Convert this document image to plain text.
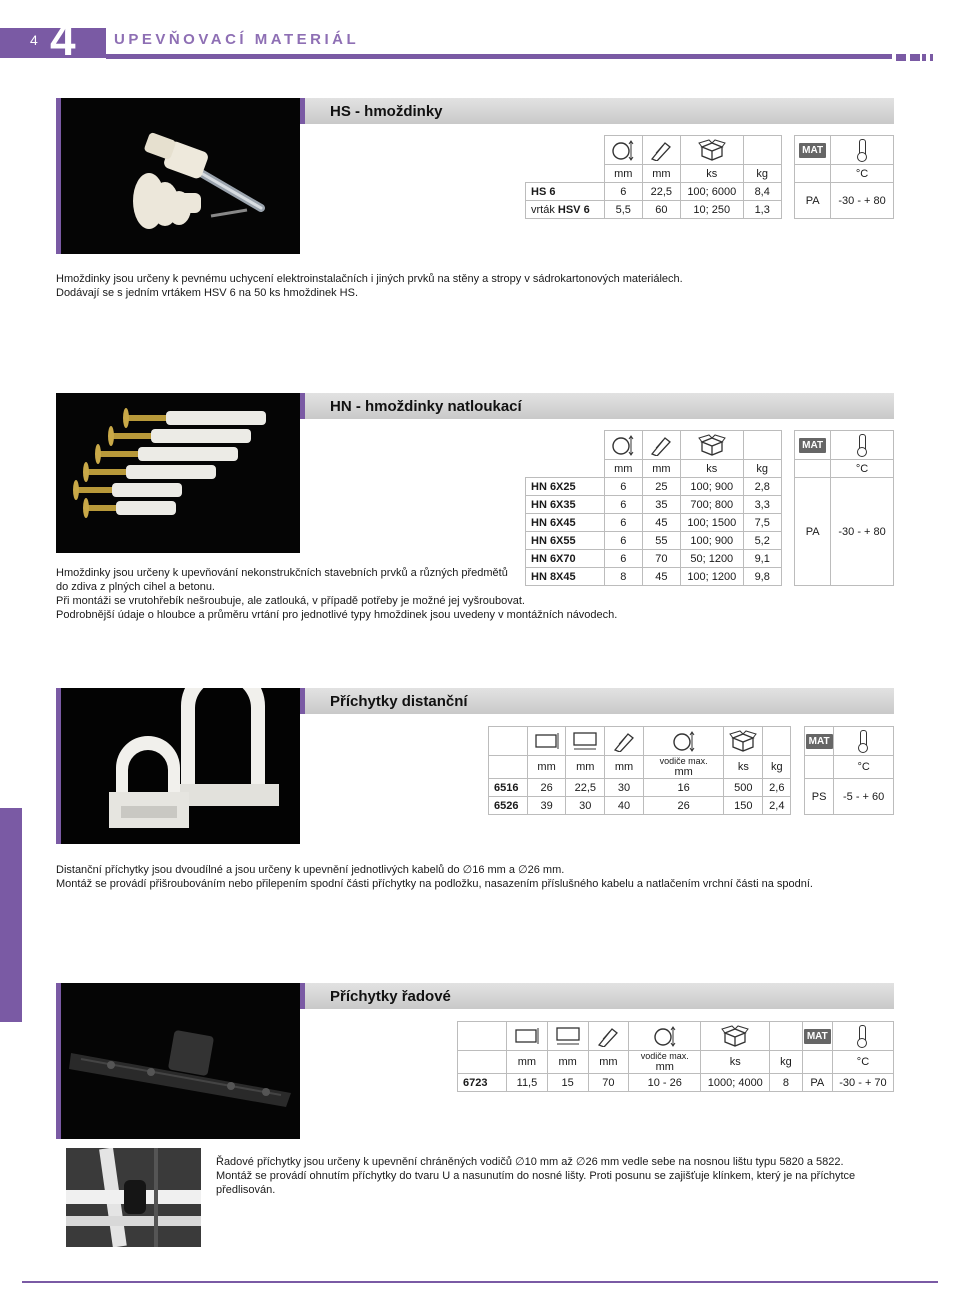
4 4	UPEVŇOVACÍ MATERIÁL
HS - hmoždinky

			MAT	
	mm	mm	ks	kg			°C
HS 6	6	22,5	100; 6000	8,4		PA	-30 - + 80
vrták HSV 6	5,5	60	10; 250	1,3			

Hmoždinky jsou určeny k pevnému uchycení elektroinstalačních i jiných prvků na stěny a stropy v sádrokartonových materiálech.

Dodávají se s jedním vrtákem HSV 6 na 50 ks hmoždinek HS.

HN - hmoždinky natloukací

			MAT	
	mm	mm	ks	kg			°C
HN 6X25	6	25	100; 900	2,8		PA	-30 - + 80
HN 6X35	6	35	700; 800	3,3			
HN 6X45	6	45	100; 1500	7,5			
HN 6X55	6	55	100; 900	5,2			
HN 6X70	6	70	50; 1200	9,1			
HN 8X45	8	45	100; 1200	9,8			

Hmoždinky jsou určeny k upevňování nekonstrukčních stavebních prvků a různých předmětů

do zdiva z plných cihel a betonu.

Při montáži se vrutohřebík nešroubuje, ale zatlouká, v případě potřeby je možné jej vyšroubovat.

Podrobnější údaje o hloubce a průměru vrtání pro jednotlivé typy hmoždinek jsou uvedeny v montážních návodech.

Příchytky distanční

			MAT	
	mm	mm	mm	vodiče max.
mm	ks	kg			°C
6516	26	22,5	30	16	500	2,6		PS	-5 - + 60
6526	39	30	40	26	150	2,4			

Distanční příchytky jsou dvoudílné a jsou určeny k upevnění jednotlivých kabelů do ∅16 mm a ∅26 mm.

Montáž se provádí přišroubováním nebo přilepením spodní části příchytky na podložku, nasazením příslušného kabelu a natlačením vrchní části na spodní.

Příchytky řadové

		MAT	
	mm	mm	mm	vodiče max.
mm	ks	kg		°C
6723	11,5	15	70	10 - 26	1000; 4000	8	PA	-30 - + 70

Řadové příchytky jsou určeny k upevnění chráněných vodičů ∅10 mm až ∅26 mm vedle sebe na nosnou lištu typu 5820 a 5822.

Montáž se provádí ohnutím příchytky do tvaru U a nasunutím do nosné lišty. Proti posunu se zajišťuje klínkem, který je na příchytce předlisován.
